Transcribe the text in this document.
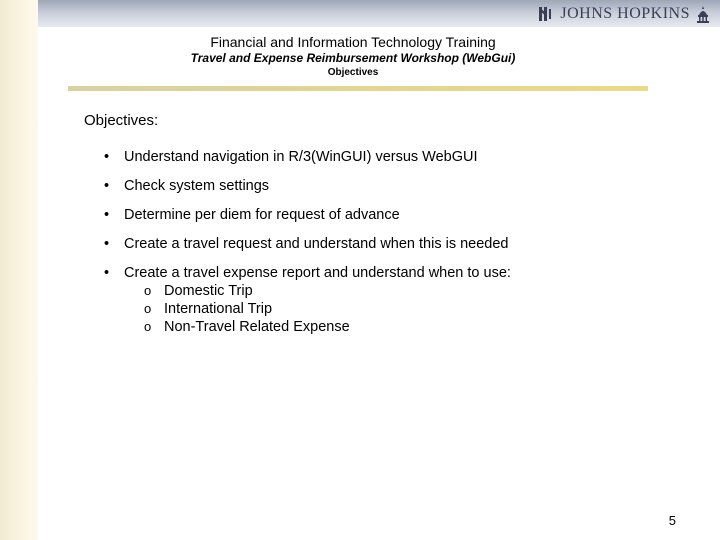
JOHNS HOPKINS

Financial and Information Technology Training

Travel and Expense Reimbursement Workshop (WebGui)

Objectives

Objectives:
• Understand navigation in R/3(WinGUI) versus WebGUI
• Check system settings
• Determine per diem for request of advance
• Create a travel request and understand when this is needed
• Create a travel expense report and understand when to use:
o Domestic Trip
o International Trip
o Non-Travel Related Expense
5
